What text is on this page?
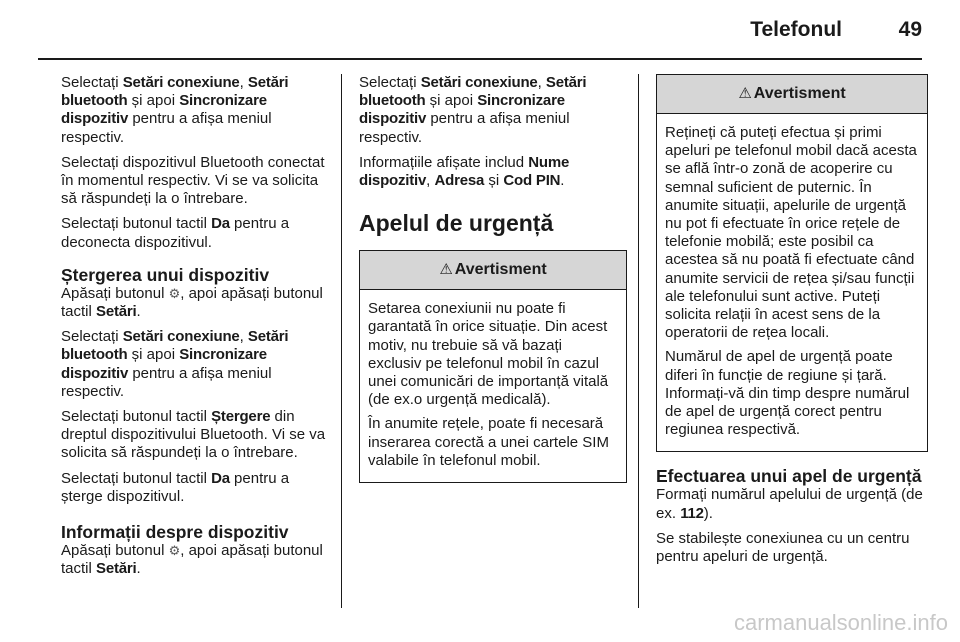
Telefonul	49

Selectați Setări conexiune, Setări bluetooth și apoi Sincronizare dispozitiv pentru a afișa meniul respectiv.

Selectați dispozitivul Bluetooth conectat în momentul respectiv. Vi se va solicita să răspundeți la o întrebare.

Selectați butonul tactil Da pentru a deconecta dispozitivul.

Ștergerea unui dispozitiv

Apăsați butonul ⚙, apoi apăsați butonul tactil Setări.

Selectați Setări conexiune, Setări bluetooth și apoi Sincronizare dispozitiv pentru a afișa meniul respectiv.

Selectați butonul tactil Ștergere din dreptul dispozitivului Bluetooth. Vi se va solicita să răspundeți la o întrebare.

Selectați butonul tactil Da pentru a șterge dispozitivul.

Informații despre dispozitiv

Apăsați butonul ⚙, apoi apăsați butonul tactil Setări.

Selectați Setări conexiune, Setări bluetooth și apoi Sincronizare dispozitiv pentru a afișa meniul respectiv.

Informațiile afișate includ Nume dispozitiv, Adresa și Cod PIN.

Apelul de urgență
⚠ Avertisment

Setarea conexiunii nu poate fi garantată în orice situație. Din acest motiv, nu trebuie să vă bazați exclusiv pe telefonul mobil în cazul unei comunicări de importanță vitală (de ex.o urgență medicală).

În anumite rețele, poate fi necesară inserarea corectă a unei cartele SIM valabile în telefonul mobil.

⚠ Avertisment

Rețineți că puteți efectua și primi apeluri pe telefonul mobil dacă acesta se află într-o zonă de acoperire cu semnal suficient de puternic. În anumite situații, apelurile de urgență nu pot fi efectuate în orice rețele de telefonie mobilă; este posibil ca acestea să nu poată fi efectuate când anumite servicii de rețea și/sau funcții ale telefonului sunt active. Puteți solicita relații în acest sens de la operatorii de rețea locali.

Numărul de apel de urgență poate diferi în funcție de regiune și țară. Informați-vă din timp despre numărul de apel de urgență corect pentru regiunea respectivă.

Efectuarea unui apel de urgență

Formați numărul apelului de urgență (de ex. 112).

Se stabilește conexiunea cu un centru pentru apeluri de urgență.

carmanualsonline.info
